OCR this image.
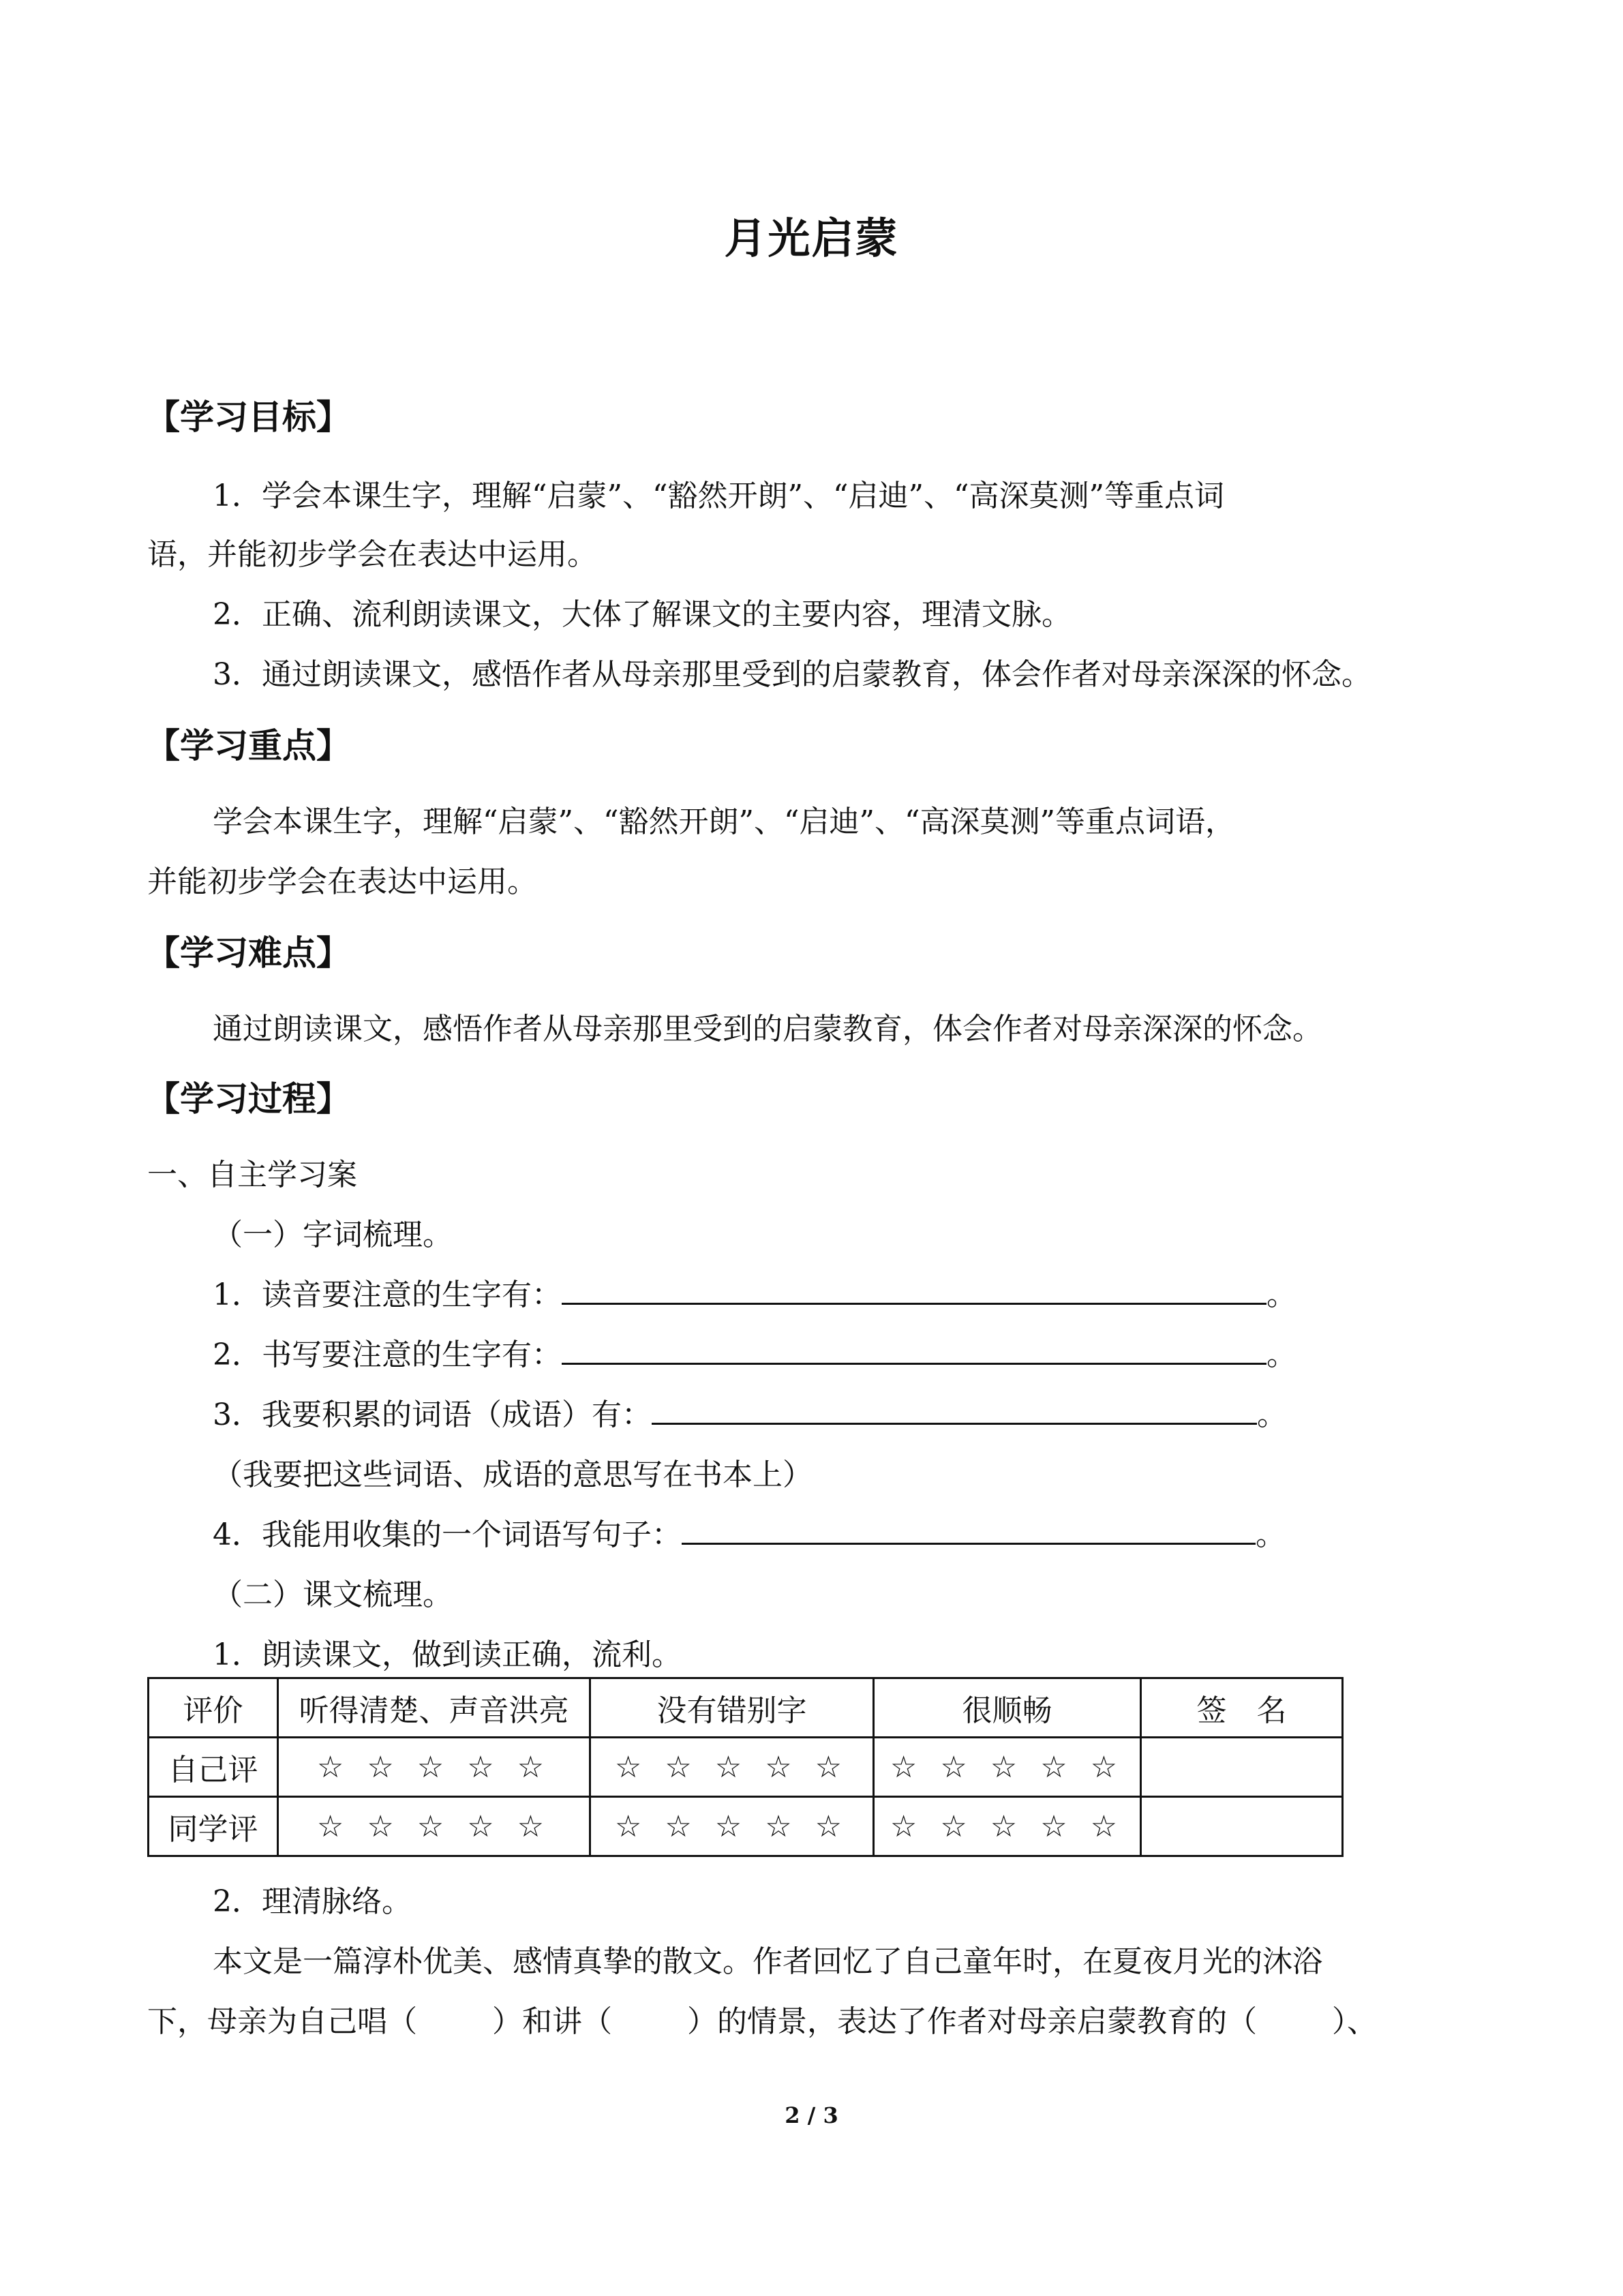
月光启蒙
【学习目标】
1．学会本课生字，理解“启蒙”、“豁然开朗”、“启迪”、“高深莫测”等重点词
语，并能初步学会在表达中运用。
2．正确、流利朗读课文，大体了解课文的主要内容，理清文脉。
3．通过朗读课文，感悟作者从母亲那里受到的启蒙教育，体会作者对母亲深深的怀念。
【学习重点】
学会本课生字，理解“启蒙”、“豁然开朗”、“启迪”、“高深莫测”等重点词语，
并能初步学会在表达中运用。
【学习难点】
通过朗读课文，感悟作者从母亲那里受到的启蒙教育，体会作者对母亲深深的怀念。
【学习过程】
一、自主学习案
（一）字词梳理。
1．读音要注意的生字有：	。
2．书写要注意的生字有：	。
3．我要积累的词语（成语）有：	。
（我要把这些词语、成语的意思写在书本上）
4．我能用收集的一个词语写句子：	。
（二）课文梳理。
1．朗读课文，做到读正确，流利。
评价	听得清楚、声音洪亮	没有错别字	很顺畅	签　名
自己评	☆ ☆ ☆ ☆ ☆	☆ ☆ ☆ ☆ ☆	☆ ☆ ☆ ☆ ☆	
同学评	☆ ☆ ☆ ☆ ☆	☆ ☆ ☆ ☆ ☆	☆ ☆ ☆ ☆ ☆	
2．理清脉络。
本文是一篇淳朴优美、感情真挚的散文。作者回忆了自己童年时，在夏夜月光的沐浴
下，母亲为自己唱（	）和讲（	）的情景，表达了作者对母亲启蒙教育的（	）、
2 / 3
